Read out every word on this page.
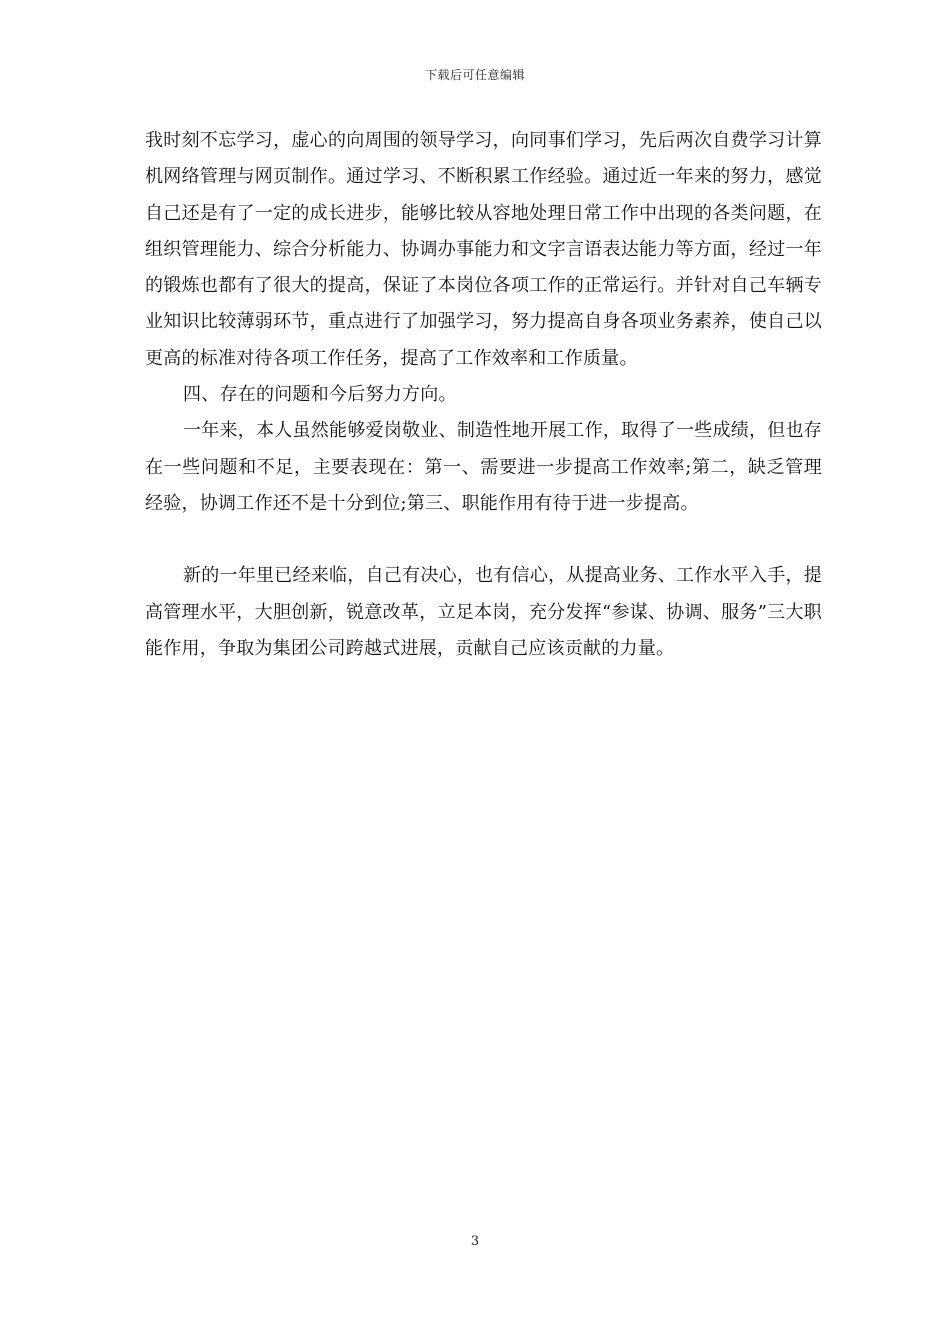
下载后可任意编辑

我时刻不忘学习，虚心的向周围的领导学习，向同事们学习，先后两次自费学习计算机网络管理与网页制作。通过学习、不断积累工作经验。通过近一年来的努力，感觉自己还是有了一定的成长进步，能够比较从容地处理日常工作中出现的各类问题，在组织管理能力、综合分析能力、协调办事能力和文字言语表达能力等方面，经过一年的锻炼也都有了很大的提高，保证了本岗位各项工作的正常运行。并针对自己车辆专业知识比较薄弱环节，重点进行了加强学习，努力提高自身各项业务素养，使自己以更高的标准对待各项工作任务，提高了工作效率和工作质量。

四、存在的问题和今后努力方向。

一年来，本人虽然能够爱岗敬业、制造性地开展工作，取得了一些成绩，但也存在一些问题和不足，主要表现在：第一、需要进一步提高工作效率;第二，缺乏管理经验，协调工作还不是十分到位;第三、职能作用有待于进一步提高。

新的一年里已经来临，自己有决心，也有信心，从提高业务、工作水平入手，提高管理水平，大胆创新，锐意改革，立足本岗，充分发挥“参谋、协调、服务”三大职能作用，争取为集团公司跨越式进展，贡献自己应该贡献的力量。

3
